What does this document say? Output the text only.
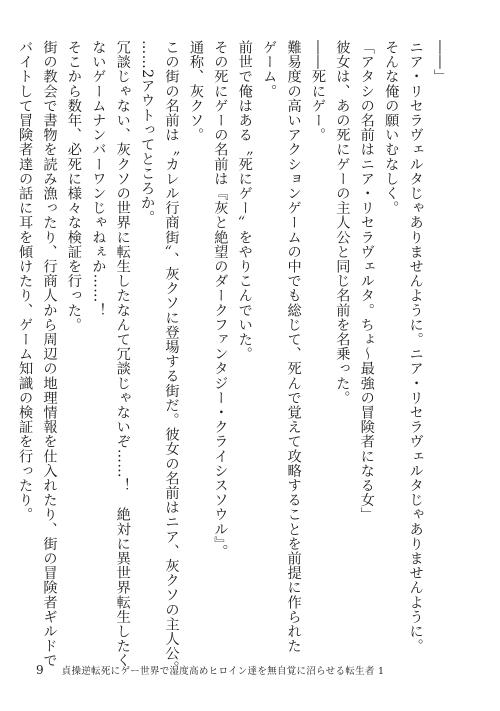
――」

ニア・リセラヴェルタじゃありませんように。ニア・リセラヴェルタじゃありませんように。

そんな俺の願いむなしく。

「アタシの名前はニア・リセラヴェルタ。ちょ～最強の冒険者になる女」

彼女は、あの死にゲーの主人公と同じ名前を名乗った。

――死にゲー。

難易度の高いアクションゲームの中でも総じて、死んで覚えて攻略することを前提に作られた

ゲーム。

前世で俺はある〝死にゲー〟をやりこんでいた。

その死にゲーの名前は『灰と絶望のダークファンタジー・クライシスソウル』。

通称、灰クソ。

この街の名前は〝カレル行商街〟、灰クソに登場する街だ。彼女の名前はニア、灰クソの主人公。

……2アウトってところか。

冗談じゃない、灰クソの世界に転生したなんて冗談じゃないぞ……！　絶対に異世界転生したく

ないゲームナンバーワンじゃねぇか……！

そこから数年、必死に様々な検証を行った。

街の教会で書物を読み漁ったり、行商人から周辺の地理情報を仕入れたり、街の冒険者ギルドで

バイトして冒険者達の話に耳を傾けたり、ゲーム知識の検証を行ったり。

9 貞操逆転死にゲー世界で湿度高めヒロイン達を無自覚に沼らせる転生者 1
